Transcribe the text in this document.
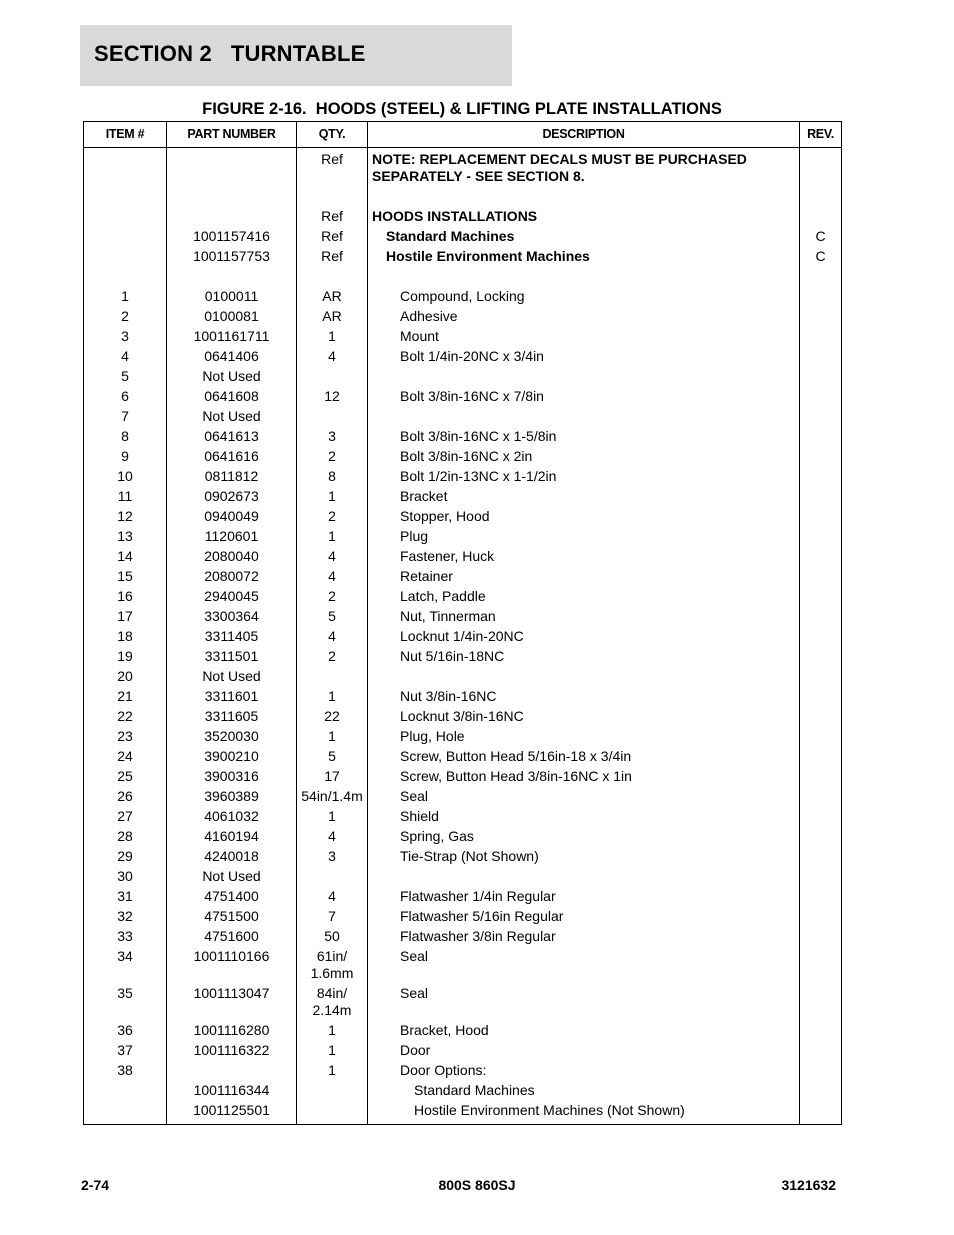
SECTION 2   TURNTABLE
FIGURE 2-16.  HOODS (STEEL) & LIFTING PLATE INSTALLATIONS
ITEM #	PART NUMBER	QTY.	DESCRIPTION	REV.
		Ref	NOTE: REPLACEMENT DECALS MUST BE PURCHASED SEPARATELY - SEE SECTION 8.	

		Ref	HOODS INSTALLATIONS	
	1001157416	Ref	Standard Machines	C
	1001157753	Ref	Hostile Environment Machines	C

1	0100011	AR	Compound, Locking	
2	0100081	AR	Adhesive	
3	1001161711	1	Mount	
4	0641406	4	Bolt 1/4in-20NC x 3/4in	
5	Not Used			
6	0641608	12	Bolt 3/8in-16NC x 7/8in	
7	Not Used			
8	0641613	3	Bolt 3/8in-16NC x 1-5/8in	
9	0641616	2	Bolt 3/8in-16NC x 2in	
10	0811812	8	Bolt 1/2in-13NC x 1-1/2in	
11	0902673	1	Bracket	
12	0940049	2	Stopper, Hood	
13	1120601	1	Plug	
14	2080040	4	Fastener, Huck	
15	2080072	4	Retainer	
16	2940045	2	Latch, Paddle	
17	3300364	5	Nut, Tinnerman	
18	3311405	4	Locknut 1/4in-20NC	
19	3311501	2	Nut 5/16in-18NC	
20	Not Used			
21	3311601	1	Nut 3/8in-16NC	
22	3311605	22	Locknut 3/8in-16NC	
23	3520030	1	Plug, Hole	
24	3900210	5	Screw, Button Head 5/16in-18 x 3/4in	
25	3900316	17	Screw, Button Head 3/8in-16NC x 1in	
26	3960389	54in/1.4m	Seal	
27	4061032	1	Shield	
28	4160194	4	Spring, Gas	
29	4240018	3	Tie-Strap (Not Shown)	
30	Not Used			
31	4751400	4	Flatwasher 1/4in Regular	
32	4751500	7	Flatwasher 5/16in Regular	
33	4751600	50	Flatwasher 3/8in Regular	
34	1001110166	61in/ 1.6mm	Seal	
35	1001113047	84in/ 2.14m	Seal	
36	1001116280	1	Bracket, Hood	
37	1001116322	1	Door	
38		1	Door Options:	
	1001116344		Standard Machines	
	1001125501		Hostile Environment Machines (Not Shown)	
2-74	800S 860SJ	3121632
